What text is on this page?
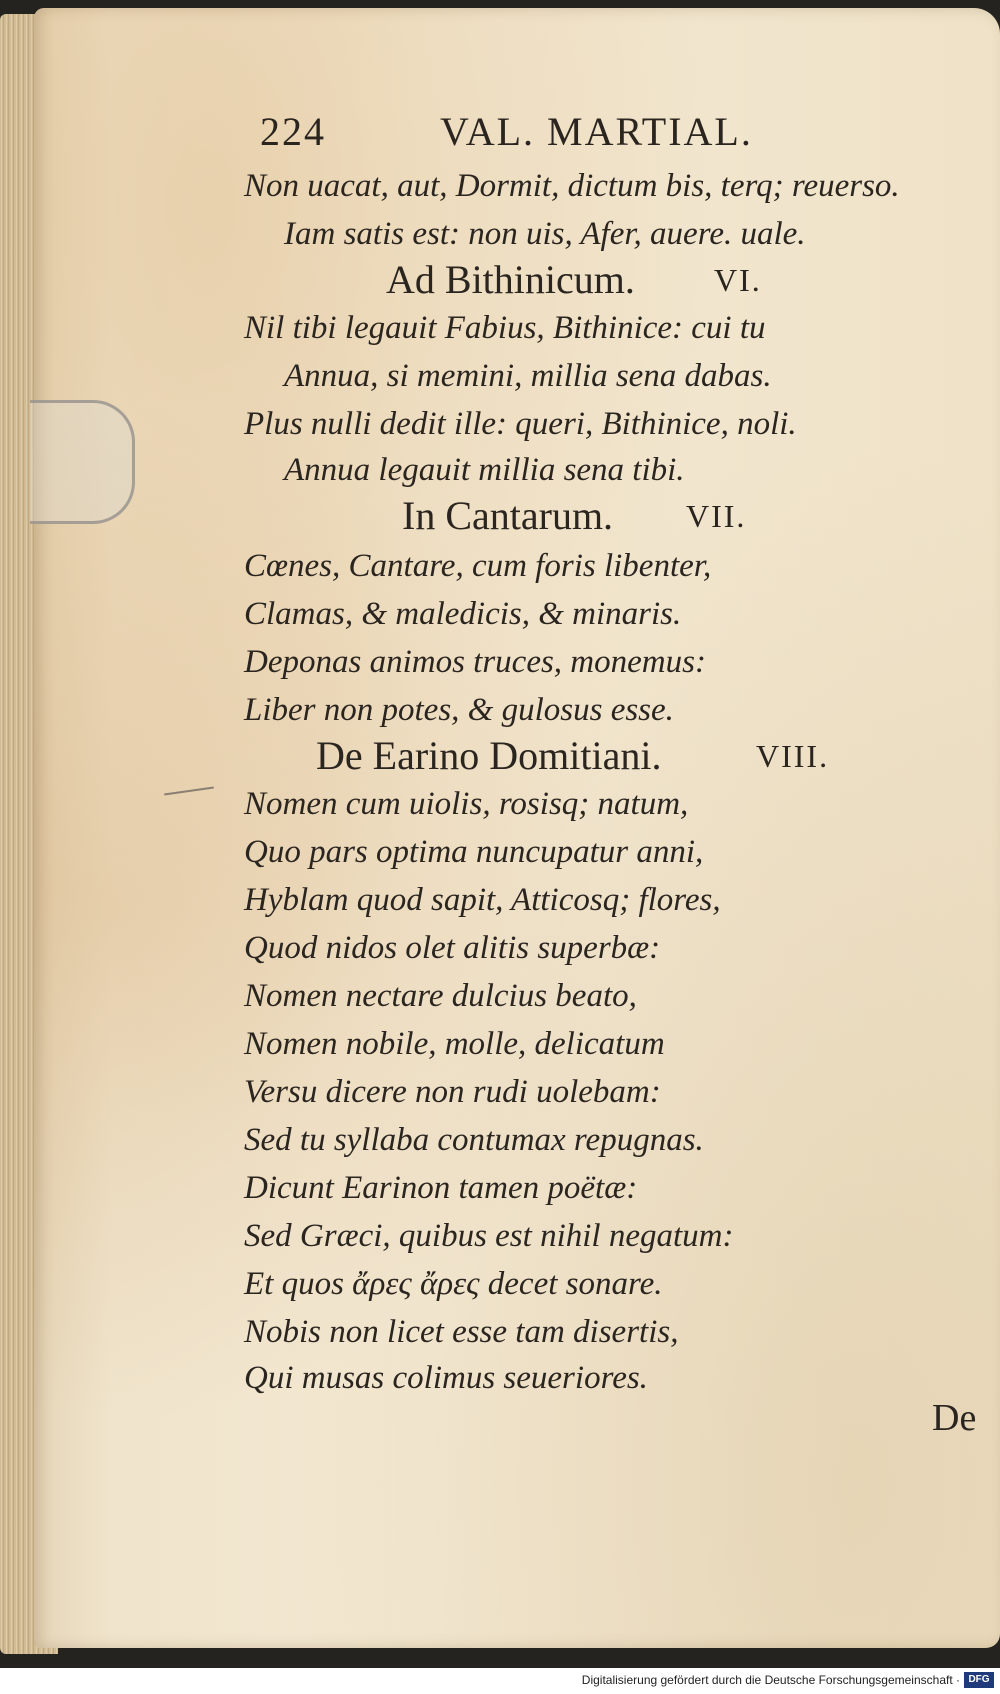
224	VAL. MARTIAL.
Non uacat, aut, Dormit, dictum bis, terq; reuerso.
Iam satis est: non uis, Afer, auere. uale.
Ad Bithinicum. VI.
Nil tibi legauit Fabius, Bithinice: cui tu
Annua, si memini, millia sena dabas.
Plus nulli dedit ille: queri, Bithinice, noli.
Annua legauit millia sena tibi.
In Cantarum. VII.
Cœnes, Cantare, cum foris libenter,
Clamas, & maledicis, & minaris.
Deponas animos truces, monemus:
Liber non potes, & gulosus esse.
De Earino Domitiani.	VIII.
Nomen cum uiolis, rosisq; natum,
Quo pars optima nuncupatur anni,
Hyblam quod sapit, Atticosq; flores,
Quod nidos olet alitis superbæ:
Nomen nectare dulcius beato,
Nomen nobile, molle, delicatum
Versu dicere non rudi uolebam:
Sed tu syllaba contumax repugnas.
Dicunt Earinon tamen poëtæ:
Sed Græci, quibus est nihil negatum:
Et quos ἄρες ἄρες decet sonare.
Nobis non licet esse tam disertis,
Qui musas colimus seueriores.
De
Digitalisierung gefördert durch die Deutsche Forschungsgemeinschaft · DFG
